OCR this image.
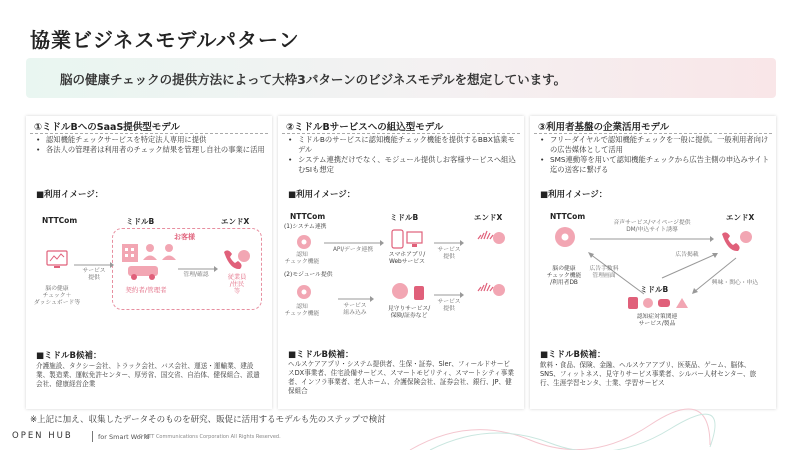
協業ビジネスモデルパターン
脳の健康チェックの提供方法によって大枠3パターンのビジネスモデルを想定しています。
①ミドルBへのSaaS提供型モデル
• 認知機能チェックサービスを特定法人専用に提供
• 各法人の管理者は利用者のチェック結果を管理し自社の事業に活用
■利用イメージ：
NTTCom	ミドルB	エンドX
お客様
脳の健康
チェック＋
ダッシュボード等
サービス
提供
契約者/管理者
管理/確認	従業員
/住民
等
■ミドルB候補：
介護施設、タクシー会社、トラック会社、バス会社、運送・運輸業、建設業、製造業、運転免許センター、厚労省、国交省、自治体、健保組合、派遣会社、健康経営企業
②ミドルBサービスへの組込型モデル
• ミドルBのサービスに認知機能チェック機能を提供するBBX協業モデル
• システム連携だけでなく、モジュール提供しお客様サービスへ組込むSIも想定
■利用イメージ：
NTTCom	ミドルB	エンドX
(1)システム連携
認知
チェック機能
API/データ連携
スマホアプリ/
Webサービス
サービス
提供
(2)モジュール提供
認知
チェック機能
サービス
組み込み
見守りサービス/
保険/証券など
サービス
提供
■ミドルB候補：
ヘルスケアアプリ・システム提供者、生保・証券、Sler、フィールドサービスDX事業者、住宅設備サービス、スマートモビリティ、スマートシティ事業者、インフラ事業者、老人ホーム、介護保険会社、証券会社、銀行、JP、健保組合
③利用者基盤の企業活用モデル
• フリーダイヤルで認知機能チェックを一般に提供。一般利用者向けの広告媒体として活用
• SMS連動等を用いて認知機能チェックから広告主側の申込みサイト迄の送客に繋げる
■利用イメージ：
NTTCom	エンドX
ミドルB
脳の健康
チェック機能
/利用者DB
音声サービス/マイページ提供
DM/申込サイト誘導
広告手数料
管理画面
広告掲載
興味・関心・申込
認知症対策関連
サービス/製品
■ミドルB候補：
飲料・食品、保険、金融、ヘルスケアアプリ、医薬品、ゲーム、脳体、SNS、フィットネス、見守りサービス事業者、シルバー人材センター、旅行、生涯学習センタ、士業、学習サービス
※上記に加え、収集したデータそのものを研究、販促に活用するモデルも先のステップで検討
OPEN HUB	for Smart World
© NTT Communications Corporation All Rights Reserved.
